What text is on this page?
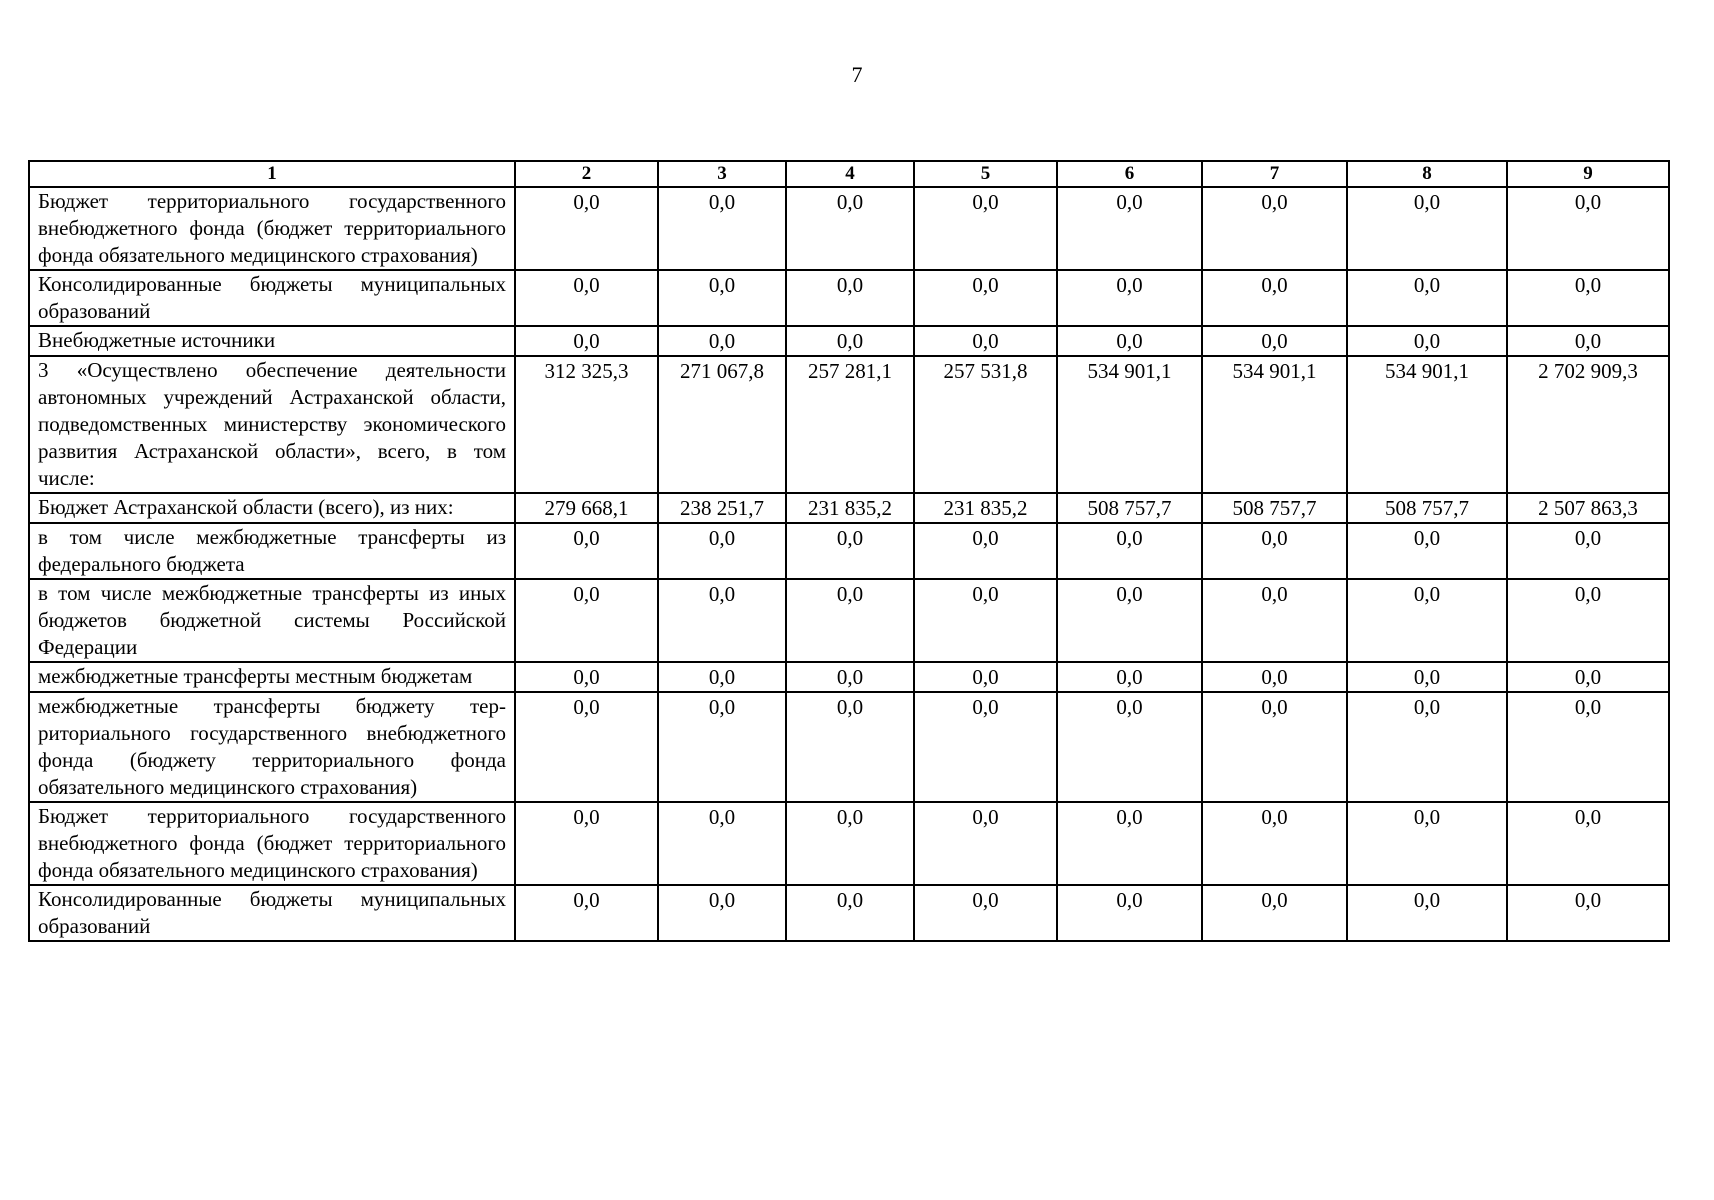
7
1	2	3	4	5	6	7	8	9
Бюджет территориального государственного внебюджетного фонда (бюджет территориального фонда обязательного медицинского страхования)	0,0	0,0	0,0	0,0	0,0	0,0	0,0	0,0
Консолидированные бюджеты муниципальных образований	0,0	0,0	0,0	0,0	0,0	0,0	0,0	0,0
Внебюджетные источники	0,0	0,0	0,0	0,0	0,0	0,0	0,0	0,0
3 «Осуществлено обеспечение деятельности автономных учреждений Астраханской области, подведомственных министерству экономического развития Астраханской области», всего, в том числе:	312 325,3	271 067,8	257 281,1	257 531,8	534 901,1	534 901,1	534 901,1	2 702 909,3
Бюджет Астраханской области (всего), из них:	279 668,1	238 251,7	231 835,2	231 835,2	508 757,7	508 757,7	508 757,7	2 507 863,3
в том числе межбюджетные трансферты из федерального бюджета	0,0	0,0	0,0	0,0	0,0	0,0	0,0	0,0
в том числе межбюджетные трансферты из иных бюджетов бюджетной системы Российской Федерации	0,0	0,0	0,0	0,0	0,0	0,0	0,0	0,0
межбюджетные трансферты местным бюджетам	0,0	0,0	0,0	0,0	0,0	0,0	0,0	0,0
межбюджетные трансферты бюджету территориального государственного внебюджетного фонда (бюджету территориального фонда обязательного медицинского страхования)	0,0	0,0	0,0	0,0	0,0	0,0	0,0	0,0
Бюджет территориального государственного внебюджетного фонда (бюджет территориального фонда обязательного медицинского страхования)	0,0	0,0	0,0	0,0	0,0	0,0	0,0	0,0
Консолидированные бюджеты муниципальных образований	0,0	0,0	0,0	0,0	0,0	0,0	0,0	0,0
